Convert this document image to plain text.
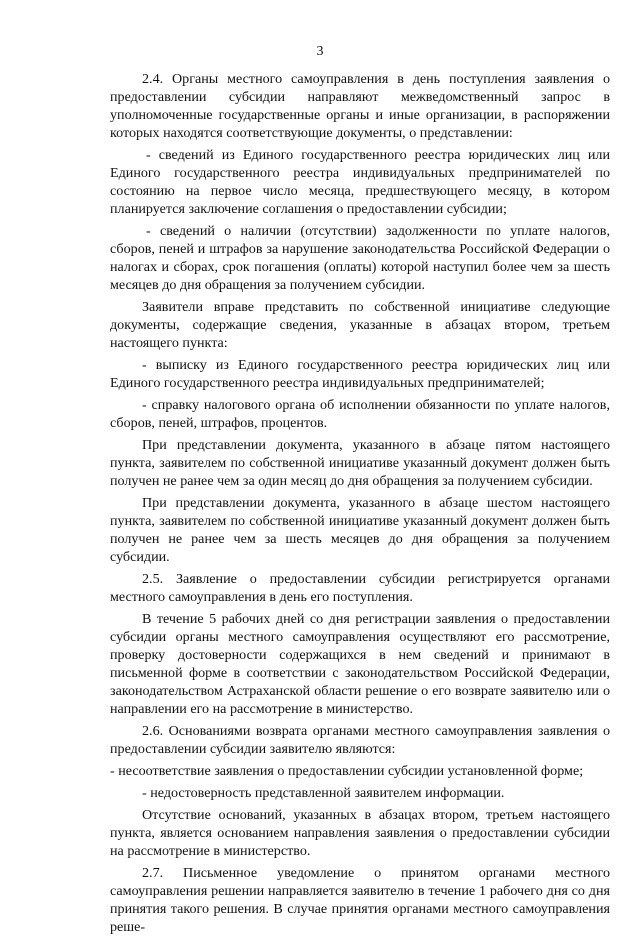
3

2.4. Органы местного самоуправления в день поступления заявления о предоставлении субсидии направляют межведомственный запрос в уполномоченные государственные органы и иные организации, в распоряжении которых находятся соответствующие документы, о представлении:

- сведений из Единого государственного реестра юридических лиц или Единого государственного реестра индивидуальных предпринимателей по состоянию на первое число месяца, предшествующего месяцу, в котором планируется заключение соглашения о предоставлении субсидии;

- сведений о наличии (отсутствии) задолженности по уплате налогов, сборов, пеней и штрафов за нарушение законодательства Российской Федерации о налогах и сборах, срок погашения (оплаты) которой наступил более чем за шесть месяцев до дня обращения за получением субсидии.

Заявители вправе представить по собственной инициативе следующие документы, содержащие сведения, указанные в абзацах втором, третьем настоящего пункта:

- выписку из Единого государственного реестра юридических лиц или Единого государственного реестра индивидуальных предпринимателей;

- справку налогового органа об исполнении обязанности по уплате налогов, сборов, пеней, штрафов, процентов.

При представлении документа, указанного в абзаце пятом настоящего пункта, заявителем по собственной инициативе указанный документ должен быть получен не ранее чем за один месяц до дня обращения за получением субсидии.

При представлении документа, указанного в абзаце шестом настоящего пункта, заявителем по собственной инициативе указанный документ должен быть получен не ранее чем за шесть месяцев до дня обращения за получением субсидии.

2.5. Заявление о предоставлении субсидии регистрируется органами местного самоуправления в день его поступления.

В течение 5 рабочих дней со дня регистрации заявления о предоставлении субсидии органы местного самоуправления осуществляют его рассмотрение, проверку достоверности содержащихся в нем сведений и принимают в письменной форме в соответствии с законодательством Российской Федерации, законодательством Астраханской области решение о его возврате заявителю или о направлении его на рассмотрение в министерство.

2.6. Основаниями возврата органами местного самоуправления заявления о предоставлении субсидии заявителю являются:

- несоответствие заявления о предоставлении субсидии установленной форме;

- недостоверность представленной заявителем информации.

Отсутствие оснований, указанных в абзацах втором, третьем настоящего пункта, является основанием направления заявления о предоставлении субсидии на рассмотрение в министерство.

2.7. Письменное уведомление о принятом органами местного самоуправления решении направляется заявителю в течение 1 рабочего дня со дня принятия такого решения. В случае принятия органами местного самоуправления реше-
